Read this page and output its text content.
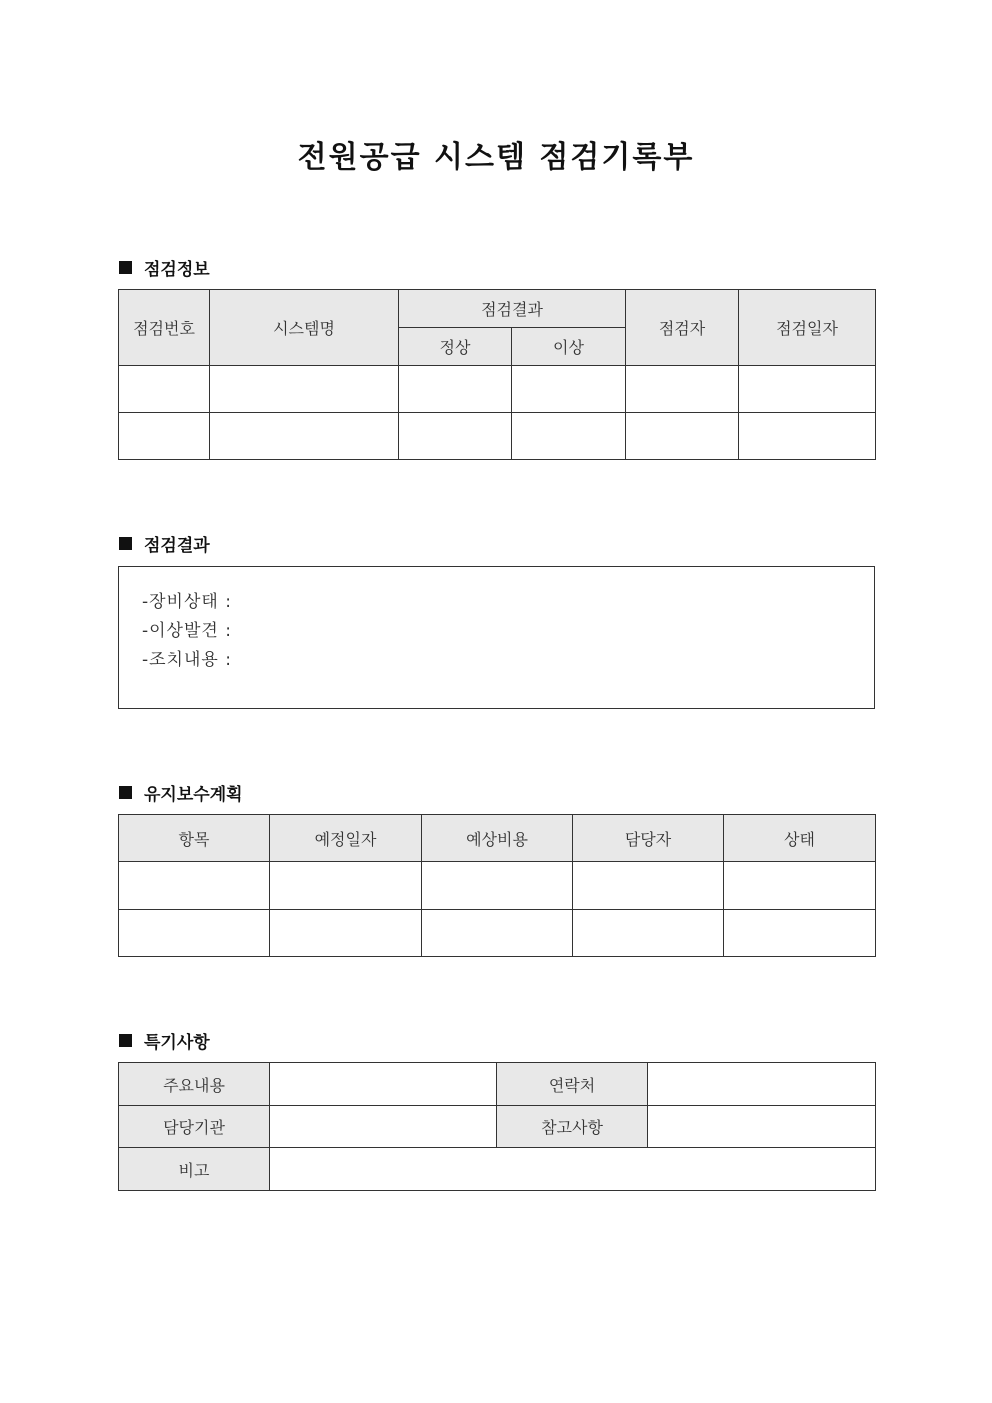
전원공급 시스템 점검기록부
점검정보
점검번호	시스템명	점검결과		점검자	점검일자
		정상	이상		

점검결과
-장비상태 :
-이상발견 :
-조치내용 :
유지보수계획
항목	예정일자	예상비용	담당자	상태

특기사항
주요내용		연락처	
담당기관		참고사항	
비고			
